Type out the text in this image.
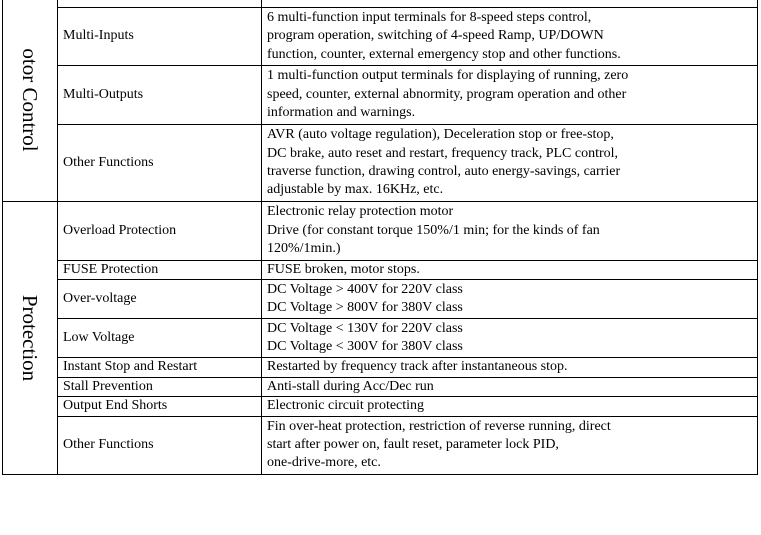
otor Control		

	Multi-Inputs	6 multi-function input terminals for 8-speed steps control,
program operation, switching of 4-speed Ramp, UP/DOWN
function, counter, external emergency stop and other functions.

	Multi-Outputs	1 multi-function output terminals for displaying of running, zero
speed, counter, external abnormity, program operation and other
information and warnings.

	Other Functions	AVR (auto voltage regulation), Deceleration stop or free-stop,
DC brake, auto reset and restart, frequency track, PLC control,
traverse function, drawing control, auto energy-savings, carrier
adjustable by max. 16KHz, etc.

Protection	Overload Protection	Electronic relay protection motor
Drive (for constant torque 150%/1 min; for the kinds of fan
120%/1min.)

	FUSE Protection	FUSE broken, motor stops.

	Over-voltage	DC Voltage > 400V for 220V class
DC Voltage > 800V for 380V class

	Low Voltage	DC Voltage < 130V for 220V class
DC Voltage < 300V for 380V class

	Instant Stop and Restart	Restarted by frequency track after instantaneous stop.

	Stall Prevention	Anti-stall during Acc/Dec run

	Output End Shorts	Electronic circuit protecting

	Other Functions	Fin over-heat protection, restriction of reverse running, direct
start after power on, fault reset, parameter lock PID,
one-drive-more, etc.
